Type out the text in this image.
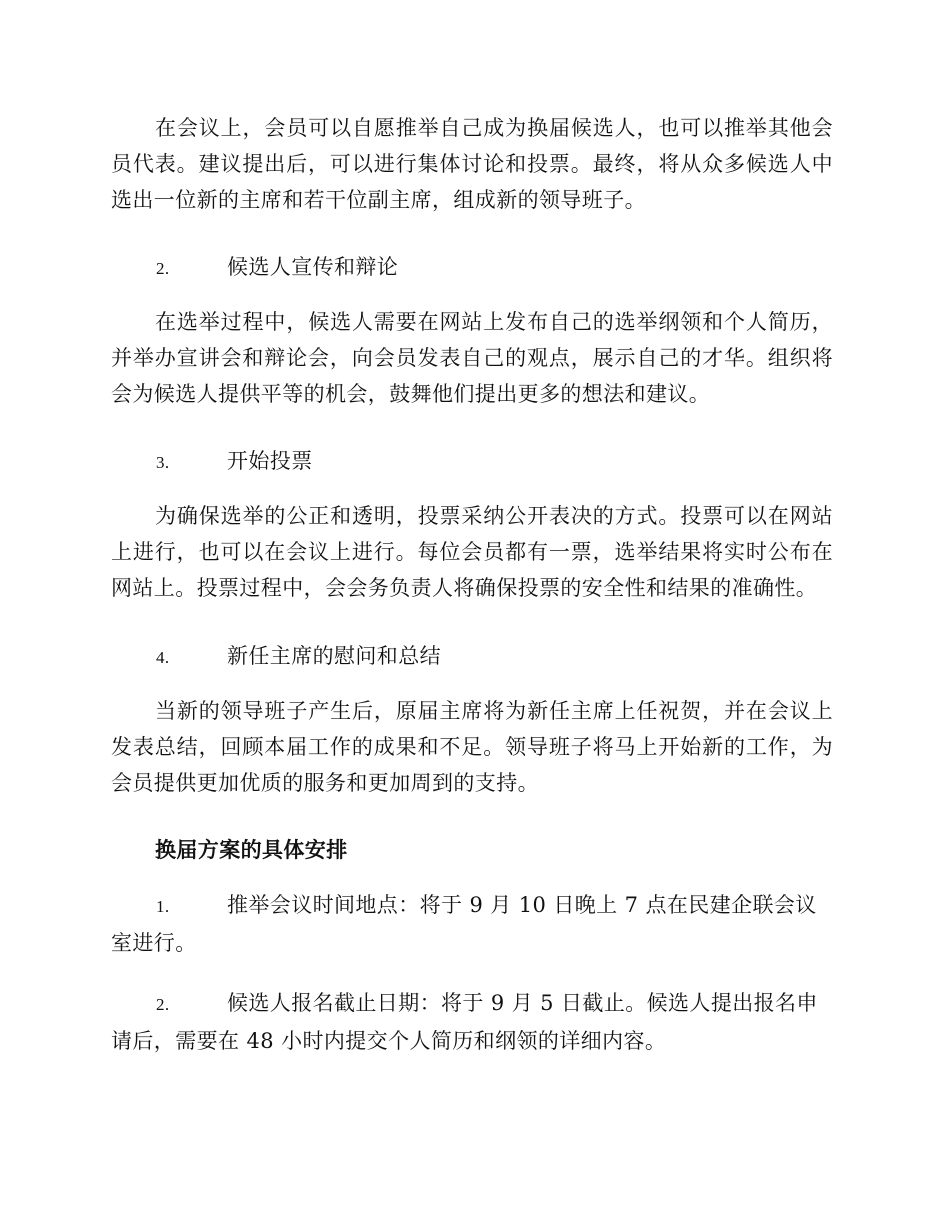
在会议上，会员可以自愿推举自己成为换届候选人，也可以推举其他会员代表。建议提出后，可以进行集体讨论和投票。最终，将从众多候选人中选出一位新的主席和若干位副主席，组成新的领导班子。

2.	候选人宣传和辩论

在选举过程中，候选人需要在网站上发布自己的选举纲领和个人简历，并举办宣讲会和辩论会，向会员发表自己的观点，展示自己的才华。组织将会为候选人提供平等的机会，鼓舞他们提出更多的想法和建议。

3.	开始投票

为确保选举的公正和透明，投票采纳公开表决的方式。投票可以在网站上进行，也可以在会议上进行。每位会员都有一票，选举结果将实时公布在网站上。投票过程中，会会务负责人将确保投票的安全性和结果的准确性。

4.	新任主席的慰问和总结

当新的领导班子产生后，原届主席将为新任主席上任祝贺，并在会议上发表总结，回顾本届工作的成果和不足。领导班子将马上开始新的工作，为会员提供更加优质的服务和更加周到的支持。

换届方案的具体安排

1.	推举会议时间地点：将于 9 月 10 日晚上 7 点在民建企联会议室进行。

2.	候选人报名截止日期：将于 9 月 5 日截止。候选人提出报名申请后，需要在 48 小时内提交个人简历和纲领的详细内容。
